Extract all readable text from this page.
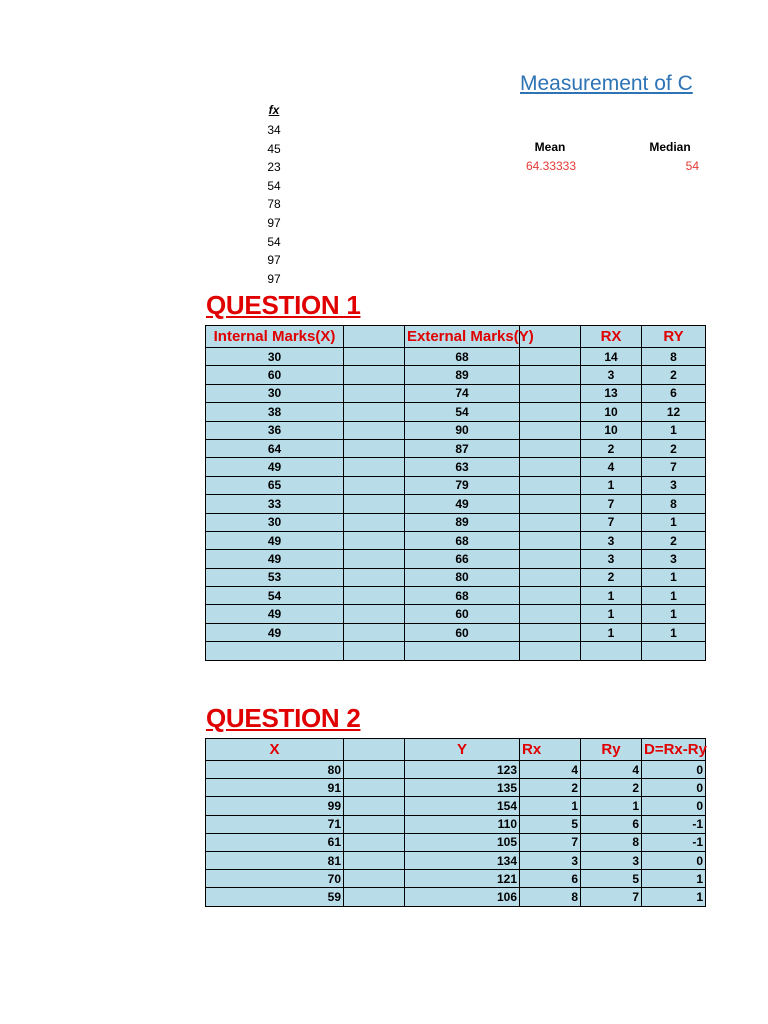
Measurement of C
fx
34
45
23
54
78
97
54
97
97
Mean
64.33333
Median
54
QUESTION 1
Internal Marks(X)		External Marks(Y)		RX	RY
30		68		14	8
60		89		3	2
30		74		13	6
38		54		10	12
36		90		10	1
64		87		2	2
49		63		4	7
65		79		1	3
33		49		7	8
30		89		7	1
49		68		3	2
49		66		3	3
53		80		2	1
54		68		1	1
49		60		1	1
49		60		1	1

QUESTION 2
X		Y	Rx	Ry	D=Rx-Ry
80		123	4	4	0
91		135	2	2	0
99		154	1	1	0
71		110	5	6	-1
61		105	7	8	-1
81		134	3	3	0
70		121	6	5	1
59		106	8	7	1
